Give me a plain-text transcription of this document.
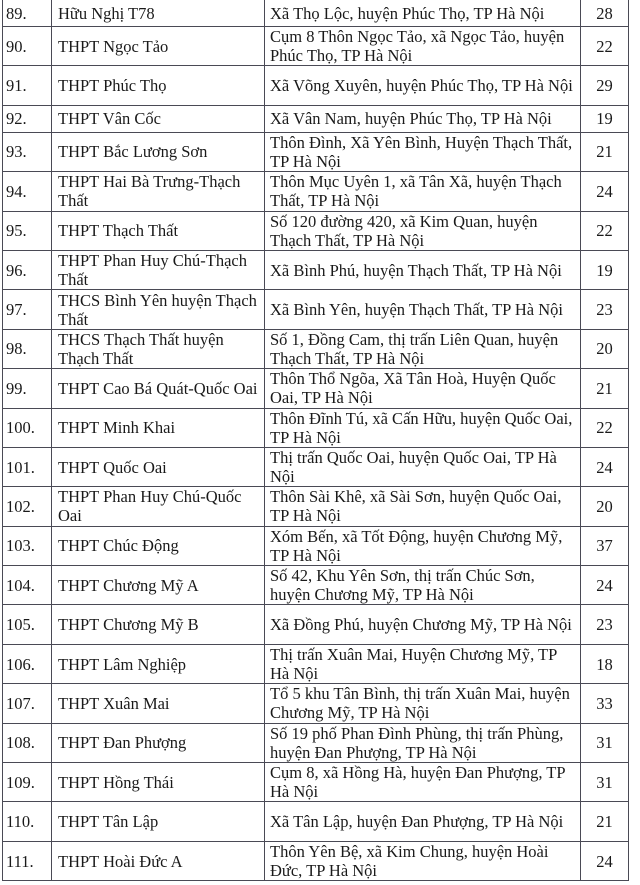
89.	Hữu Nghị T78	Xã Thọ Lộc, huyện Phúc Thọ, TP Hà Nội	28
90.	THPT Ngọc Tảo	Cụm 8 Thôn Ngọc Tảo, xã Ngọc Tảo, huyện Phúc Thọ, TP Hà Nội	22
91.	THPT Phúc Thọ	Xã Võng Xuyên, huyện Phúc Thọ, TP Hà Nội	29
92.	THPT Vân Cốc	Xã Vân Nam, huyện Phúc Thọ, TP Hà Nội	19
93.	THPT Bắc Lương Sơn	Thôn Đình, Xã Yên Bình, Huyện Thạch Thất, TP Hà Nội	21
94.	THPT Hai Bà Trưng-Thạch Thất	Thôn Mục Uyên 1, xã Tân Xã, huyện Thạch Thất, TP Hà Nội	24
95.	THPT Thạch Thất	Số 120 đường 420, xã Kim Quan, huyện Thạch Thất, TP Hà Nội	22
96.	THPT Phan Huy Chú-Thạch Thất	Xã Bình Phú, huyện Thạch Thất, TP Hà Nội	19
97.	THCS Bình Yên huyện Thạch Thất	Xã Bình Yên, huyện Thạch Thất, TP Hà Nội	23
98.	THCS Thạch Thất huyện Thạch Thất	Số 1, Đồng Cam, thị trấn Liên Quan, huyện Thạch Thất, TP Hà Nội	20
99.	THPT Cao Bá Quát-Quốc Oai	Thôn Thổ Ngõa, Xã Tân Hoà, Huyện Quốc Oai, TP Hà Nội	21
100.	THPT Minh Khai	Thôn Đĩnh Tú, xã Cấn Hữu, huyện Quốc Oai, TP Hà Nội	22
101.	THPT Quốc Oai	Thị trấn Quốc Oai, huyện Quốc Oai, TP Hà Nội	24
102.	THPT Phan Huy Chú-Quốc Oai	Thôn Sài Khê, xã Sài Sơn, huyện Quốc Oai, TP Hà Nội	20
103.	THPT Chúc Động	Xóm Bến, xã Tốt Động, huyện Chương Mỹ, TP Hà Nội	37
104.	THPT Chương Mỹ A	Số 42, Khu Yên Sơn, thị trấn Chúc Sơn, huyện Chương Mỹ, TP Hà Nội	24
105.	THPT Chương Mỹ B	Xã Đồng Phú, huyện Chương Mỹ, TP Hà Nội	23
106.	THPT Lâm Nghiệp	Thị trấn Xuân Mai, Huyện Chương Mỹ, TP Hà Nội	18
107.	THPT Xuân Mai	Tổ 5 khu Tân Bình, thị trấn Xuân Mai, huyện Chương Mỹ, TP Hà Nội	33
108.	THPT Đan Phượng	Số 19 phố Phan Đình Phùng, thị trấn Phùng, huyện Đan Phượng, TP Hà Nội	31
109.	THPT Hồng Thái	Cụm 8, xã Hồng Hà, huyện Đan Phượng, TP Hà Nội	31
110.	THPT Tân Lập	Xã Tân Lập, huyện Đan Phượng, TP Hà Nội	21
111.	THPT Hoài Đức A	Thôn Yên Bệ, xã Kim Chung, huyện Hoài Đức, TP Hà Nội	24
